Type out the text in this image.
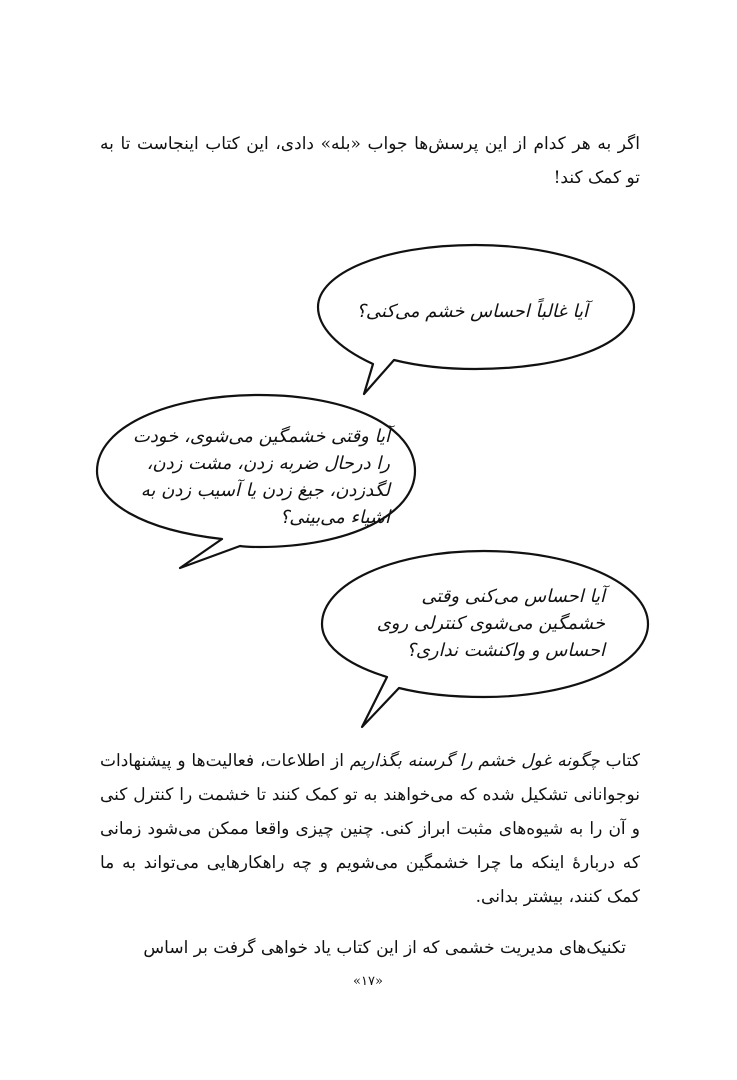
اگر به هر کدام از این پرسش‌ها جواب «بله» دادی، این کتاب اینجاست تا به تو کمک کند!

آیا غالباً احساس خشم می‌کنی؟
آیا وقتی خشمگین می‌شوی، خودت را درحال ضربه زدن، مشت زدن، لگدزدن، جیغ زدن یا آسیب زدن به اشیاء می‌بینی؟
آیا احساس می‌کنی وقتی خشمگین می‌شوی کنترلی روی احساس و واکنشت نداری؟

کتاب چگونه غول خشم را گرسنه بگذاریم از اطلاعات، فعالیت‌ها و پیشنهادات نوجوانانی تشکیل شده که می‌خواهند به تو کمک کنند تا خشمت را کنترل کنی و آن را به شیوه‌های مثبت ابراز کنی. چنین چیزی واقعا ممکن می‌شود زمانی که دربارهٔ اینکه ما چرا خشمگین می‌شویم و چه راهکارهایی می‌تواند به ما کمک کنند، بیشتر بدانی.

تکنیک‌های مدیریت خشمی که از این کتاب یاد خواهی گرفت بر اساس

«۱۷»
